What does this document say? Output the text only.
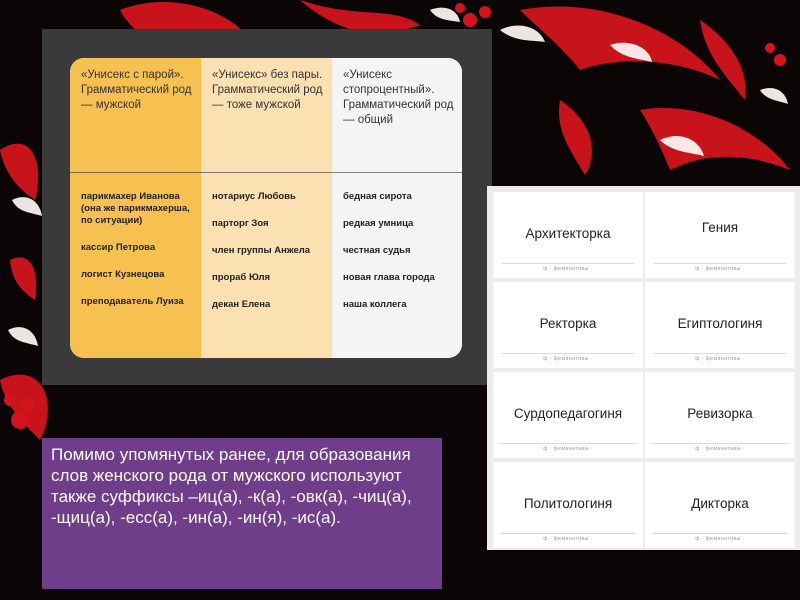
«Унисекс с парой». Грамматический род — мужской
парикмахер Иванова (она же парикмахерша, по ситуации)
кассир Петрова
логист Кузнецова
преподаватель Луиза
«Унисекс» без пары. Грамматический род — тоже мужской
нотариус Любовь
парторг Зоя
член группы Анжела
прораб Юля
декан Елена
«Унисекс стопроцентный». Грамматический род — общий
бедная сирота
редкая умница
честная судья
новая глава города
наша коллега
Архитекторка
ф · феминитивы ·
Гения
ф · феминитивы ·
Ректорка
ф · феминитивы ·
Египтологиня
ф · феминитивы ·
Сурдопедагогиня
ф · феминитивы ·
Ревизорка
ф · феминитивы ·
Политологиня
ф · феминитивы ·
Дикторка
ф · феминитивы ·

Помимо упомянутых ранее, для образования слов женского рода от мужского используют также суффиксы –иц(а), -к(а), -овк(а), -чиц(а), -щиц(а), -есс(а), -ин(а), -ин(я), -ис(а).
